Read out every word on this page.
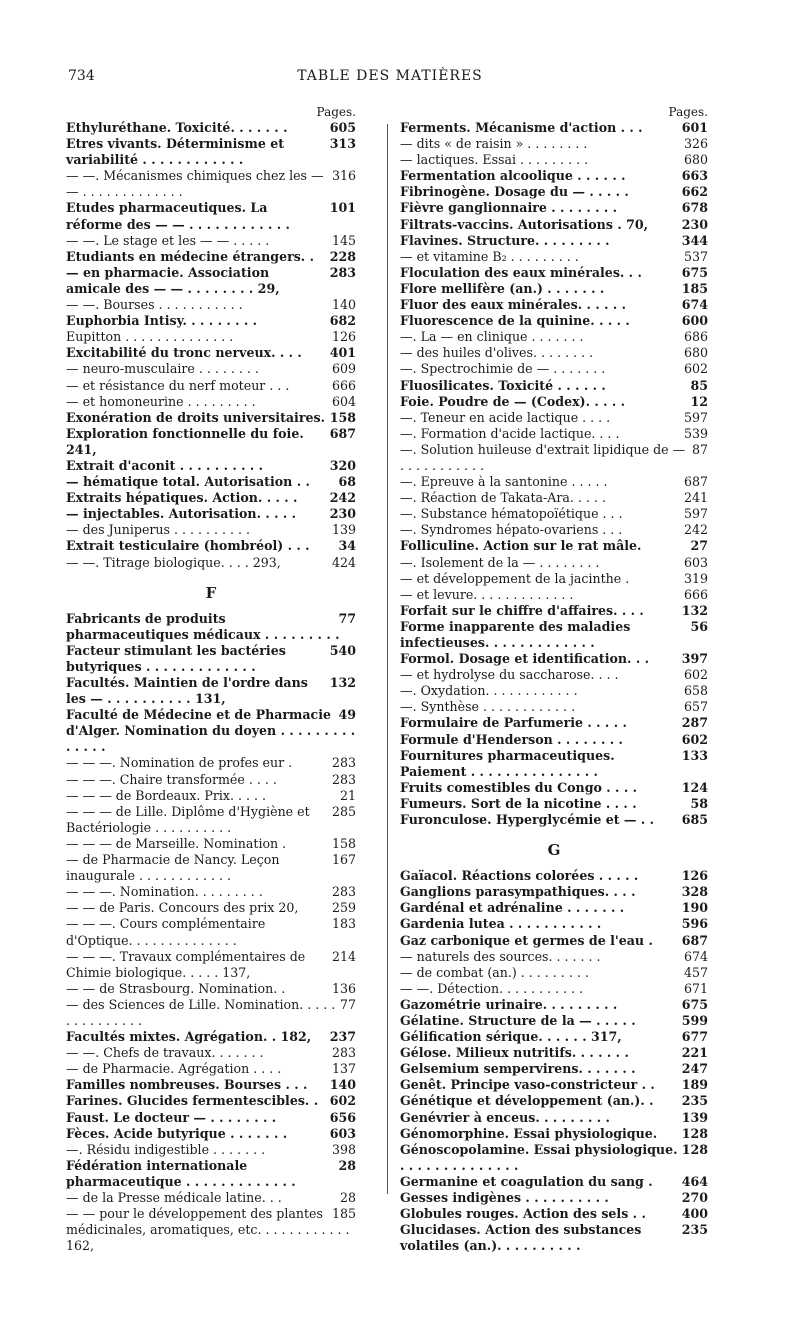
734	TABLE DES MATIÈRES
Pages.
605
Ethyluréthane. Toxicité. . . . . . .
313
Etres vivants. Déterminisme et variabilité . . . . . . . . . . . .
316
— —. Mécanismes chimiques chez les — — . . . . . . . . . . . . .
101
Etudes pharmaceutiques. La réforme des — — . . . . . . . . . . . .
145
— —. Le stage et les — — . . . . .
228
Etudiants en médecine étrangers. .
283
— en pharmacie. Association amicale des — — . . . . . . . . 29,
140
— —. Bourses . . . . . . . . . . .
682
Euphorbia Intisy. . . . . . . . .
126
Eupitton . . . . . . . . . . . . . .
401
Excitabilité du tronc nerveux. . . .
609
— neuro-musculaire . . . . . . . .
666
— et résistance du nerf moteur . . .
604
— et homoneurine . . . . . . . . .
158
Exonération de droits universitaires.
687
Exploration fonctionnelle du foie. 241,
320
Extrait d'aconit . . . . . . . . . .
68
— hématique total. Autorisation . .
242
Extraits hépatiques. Action. . . . .
230
— injectables. Autorisation. . . . .
139
— des Juniperus . . . . . . . . . .
34
Extrait testiculaire (hombréol) . . .
424
— —. Titrage biologique. . . . 293,
F
77
Fabricants de produits pharmaceutiques médicaux . . . . . . . . .
540
Facteur stimulant les bactéries butyriques . . . . . . . . . . . . .
132
Facultés. Maintien de l'ordre dans les — . . . . . . . . . . 131,
49
Faculté de Médecine et de Pharmacie d'Alger. Nomination du doyen . . . . . . . . . . . . . .
283
— — —. Nomination de profes eur .
283
— — —. Chaire transformée . . . .
21
— — — de Bordeaux. Prix. . . . .
285
— — — de Lille. Diplôme d'Hygiène et Bactériologie . . . . . . . . . .
158
— — — de Marseille. Nomination .
167
— de Pharmacie de Nancy. Leçon inaugurale . . . . . . . . . . . .
283
— — —. Nomination. . . . . . . . .
259
— — de Paris. Concours des prix 20,
183
— — —. Cours complémentaire d'Optique. . . . . . . . . . . . . .
214
— — —. Travaux complémentaires de Chimie biologique. . . . . 137,
136
— — de Strasbourg. Nomination. .
77
— des Sciences de Lille. Nomination. . . . . . . . . . . . . . .
237
Facultés mixtes. Agrégation. . 182,
283
— —. Chefs de travaux. . . . . . .
137
— de Pharmacie. Agrégation . . . .
140
Familles nombreuses. Bourses . . .
602
Farines. Glucides fermentescibles. .
656
Faust. Le docteur — . . . . . . . .
603
Fèces. Acide butyrique . . . . . . .
398
—. Résidu indigestible . . . . . . .
28
Fédération internationale pharmaceutique . . . . . . . . . . . . .
28
— de la Presse médicale latine. . .
185
— — pour le développement des plantes médicinales, aromatiques, etc. . . . . . . . . . . . 162,
Pages.
601
Ferments. Mécanisme d'action . . .
326
— dits « de raisin » . . . . . . . .
680
— lactiques. Essai . . . . . . . . .
663
Fermentation alcoolique . . . . . .
662
Fibrinogène. Dosage du — . . . . .
678
Fièvre ganglionnaire . . . . . . . .
230
Filtrats-vaccins. Autorisations . 70,
344
Flavines. Structure. . . . . . . . .
537
— et vitamine B₂ . . . . . . . . .
675
Floculation des eaux minérales. . .
185
Flore mellifère (an.) . . . . . . .
674
Fluor des eaux minérales. . . . . .
600
Fluorescence de la quinine. . . . .
686
—. La — en clinique . . . . . . .
680
— des huiles d'olives. . . . . . . .
602
—. Spectrochimie de — . . . . . . .
85
Fluosilicates. Toxicité . . . . . .
12
Foie. Poudre de — (Codex). . . . .
597
—. Teneur en acide lactique . . . .
539
—. Formation d'acide lactique. . . .
87
—. Solution huileuse d'extrait lipidique de — . . . . . . . . . . .
687
—. Epreuve à la santonine . . . . .
241
—. Réaction de Takata-Ara. . . . .
597
—. Substance hématopoïétique . . .
242
—. Syndromes hépato-ovariens . . .
27
Folliculine. Action sur le rat mâle.
603
—. Isolement de la — . . . . . . . .
319
— et développement de la jacinthe .
666
— et levure. . . . . . . . . . . . .
132
Forfait sur le chiffre d'affaires. . . .
56
Forme inapparente des maladies infectieuses. . . . . . . . . . . . .
397
Formol. Dosage et identification. . .
602
— et hydrolyse du saccharose. . . .
658
—. Oxydation. . . . . . . . . . . .
657
—. Synthèse . . . . . . . . . . . .
287
Formulaire de Parfumerie . . . . .
602
Formule d'Henderson . . . . . . . .
133
Fournitures pharmaceutiques. Paiement . . . . . . . . . . . . . . .
124
Fruits comestibles du Congo . . . .
58
Fumeurs. Sort de la nicotine . . . .
685
Furonculose. Hyperglycémie et — . .
G
126
Gaïacol. Réactions colorées . . . . .
328
Ganglions parasympathiques. . . .
190
Gardénal et adrénaline . . . . . . .
596
Gardenia lutea . . . . . . . . . . .
687
Gaz carbonique et germes de l'eau .
674
— naturels des sources. . . . . . .
457
— de combat (an.) . . . . . . . . .
671
— —. Détection. . . . . . . . . . .
675
Gazométrie urinaire. . . . . . . . .
599
Gélatine. Structure de la — . . . . .
677
Gélification sérique. . . . . . 317,
221
Gélose. Milieux nutritifs. . . . . . .
247
Gelsemium sempervirens. . . . . . .
189
Genêt. Principe vaso-constricteur . .
235
Génétique et développement (an.). .
139
Genévrier à enceus. . . . . . . . .
128
Génomorphine. Essai physiologique.
128
Génoscopolamine. Essai physiologique. . . . . . . . . . . . . . .
464
Germanine et coagulation du sang .
270
Gesses indigènes . . . . . . . . . .
400
Globules rouges. Action des sels . .
235
Glucidases. Action des substances volatiles (an.). . . . . . . . . .
